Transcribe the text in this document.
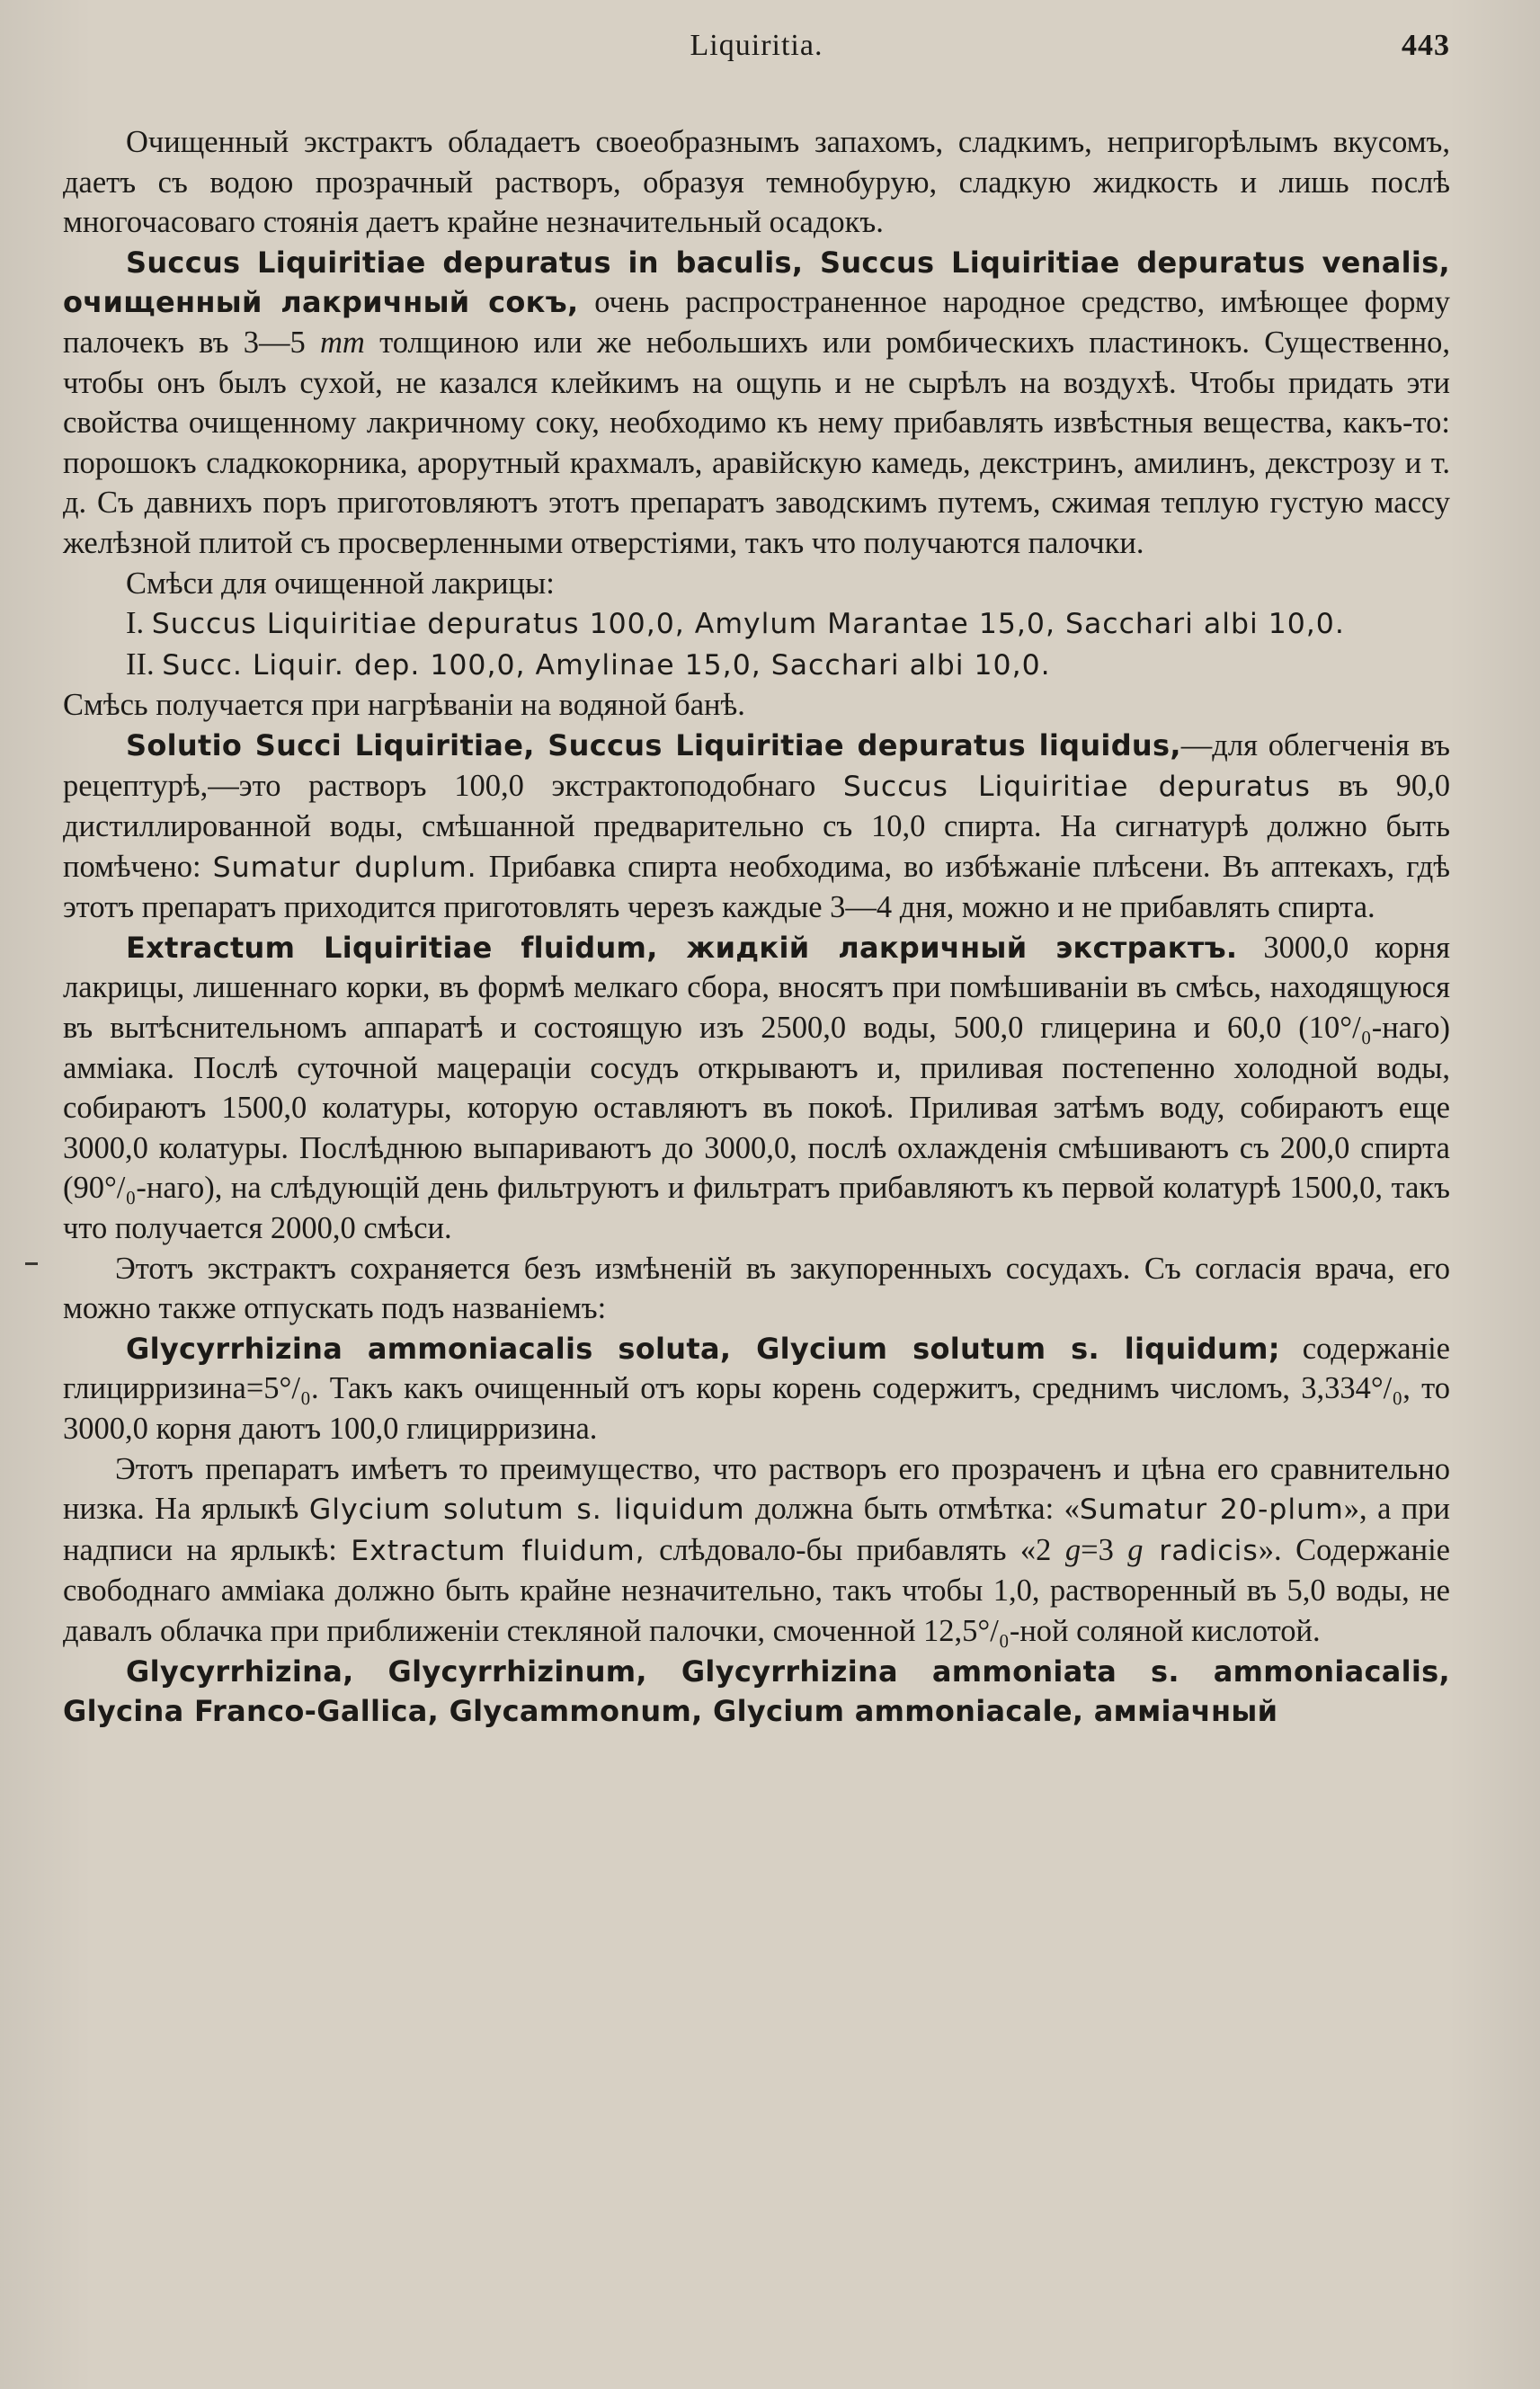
Liquiritia.	443

Очищенный экстрактъ обладаетъ своеобразнымъ запахомъ, сладкимъ, непригорѣлымъ вкусомъ, даетъ съ водою прозрачный растворъ, образуя темнобурую, сладкую жидкость и лишь послѣ многочасоваго стоянія даетъ крайне незначительный осадокъ.

Succus Liquiritiae depuratus in baculis, Succus Liquiritiae depuratus venalis, очищенный лакричный сокъ, очень распространенное народное средство, имѣющее форму палочекъ въ 3—5 mm толщиною или же небольшихъ или ромбическихъ пластинокъ. Существенно, чтобы онъ былъ сухой, не казался клейкимъ на ощупь и не сырѣлъ на воздухѣ. Чтобы придать эти свойства очищенному лакричному соку, необходимо къ нему прибавлять извѣстныя вещества, какъ-то: порошокъ сладкокорника, арорутный крахмалъ, аравійскую камедь, декстринъ, амилинъ, декстрозу и т. д. Съ давнихъ поръ приготовляютъ этотъ препаратъ заводскимъ путемъ, сжимая теплую густую массу желѣзной плитой съ просверленными отверстіями, такъ что получаются палочки.

Смѣси для очищенной лакрицы:

I. Succus Liquiritiae depuratus 100,0, Amylum Marantae 15,0, Sacchari albi 10,0.

II. Succ. Liquir. dep. 100,0, Amylinae 15,0, Sacchari albi 10,0.

Смѣсь получается при нагрѣваніи на водяной банѣ.

Solutio Succi Liquiritiae, Succus Liquiritiae depuratus liquidus,—для облегченія въ рецептурѣ,—это растворъ 100,0 экстрактоподобнаго Succus Liquiritiae depuratus въ 90,0 дистиллированной воды, смѣшанной предварительно съ 10,0 спирта. На сигнатурѣ должно быть помѣчено: Sumatur duplum. Прибавка спирта необходима, во избѣжаніе плѣсени. Въ аптекахъ, гдѣ этотъ препаратъ приходится приготовлять черезъ каждые 3—4 дня, можно и не прибавлять спирта.

Extractum Liquiritiae fluidum, жидкій лакричный экстрактъ. 3000,0 корня лакрицы, лишеннаго корки, въ формѣ мелкаго сбора, вносятъ при помѣшиваніи въ смѣсь, находящуюся въ вытѣснительномъ аппаратѣ и состоящую изъ 2500,0 воды, 500,0 глицерина и 60,0 (10°/₀-наго) амміака. Послѣ суточной мацераціи сосудъ открываютъ и, приливая постепенно холодной воды, собираютъ 1500,0 колатуры, которую оставляютъ въ покоѣ. Приливая затѣмъ воду, собираютъ еще 3000,0 колатуры. Послѣднюю выпариваютъ до 3000,0, послѣ охлажденія смѣшиваютъ съ 200,0 спирта (90°/₀-наго), на слѣдующій день фильтруютъ и фильтратъ прибавляютъ къ первой колатурѣ 1500,0, такъ что получается 2000,0 смѣси.

Этотъ экстрактъ сохраняется безъ измѣненій въ закупоренныхъ сосудахъ. Съ согласія врача, его можно также отпускать подъ названіемъ:

Glycyrrhizina ammoniacalis soluta, Glycium solutum s. liquidum; содержаніе глицирризина=5°/₀. Такъ какъ очищенный отъ коры корень содержитъ, среднимъ числомъ, 3,334°/₀, то 3000,0 корня даютъ 100,0 глицирризина.

Этотъ препаратъ имѣетъ то преимущество, что растворъ его прозраченъ и цѣна его сравнительно низка. На ярлыкѣ Glycium solutum s. liquidum должна быть отмѣтка: «Sumatur 20-plum», а при надписи на ярлыкѣ: Extractum fluidum, слѣдовало-бы прибавлять «2 g=3 g radicis». Содержаніе свободнаго амміака должно быть крайне незначительно, такъ чтобы 1,0, растворенный въ 5,0 воды, не давалъ облачка при приближеніи стекляной палочки, смоченной 12,5°/₀-ной соляной кислотой.

Glycyrrhizina, Glycyrrhizinum, Glycyrrhizina ammoniata s. ammoniacalis, Glycina Franco-Gallica, Glycammonum, Glycium ammoniacale, амміачный
